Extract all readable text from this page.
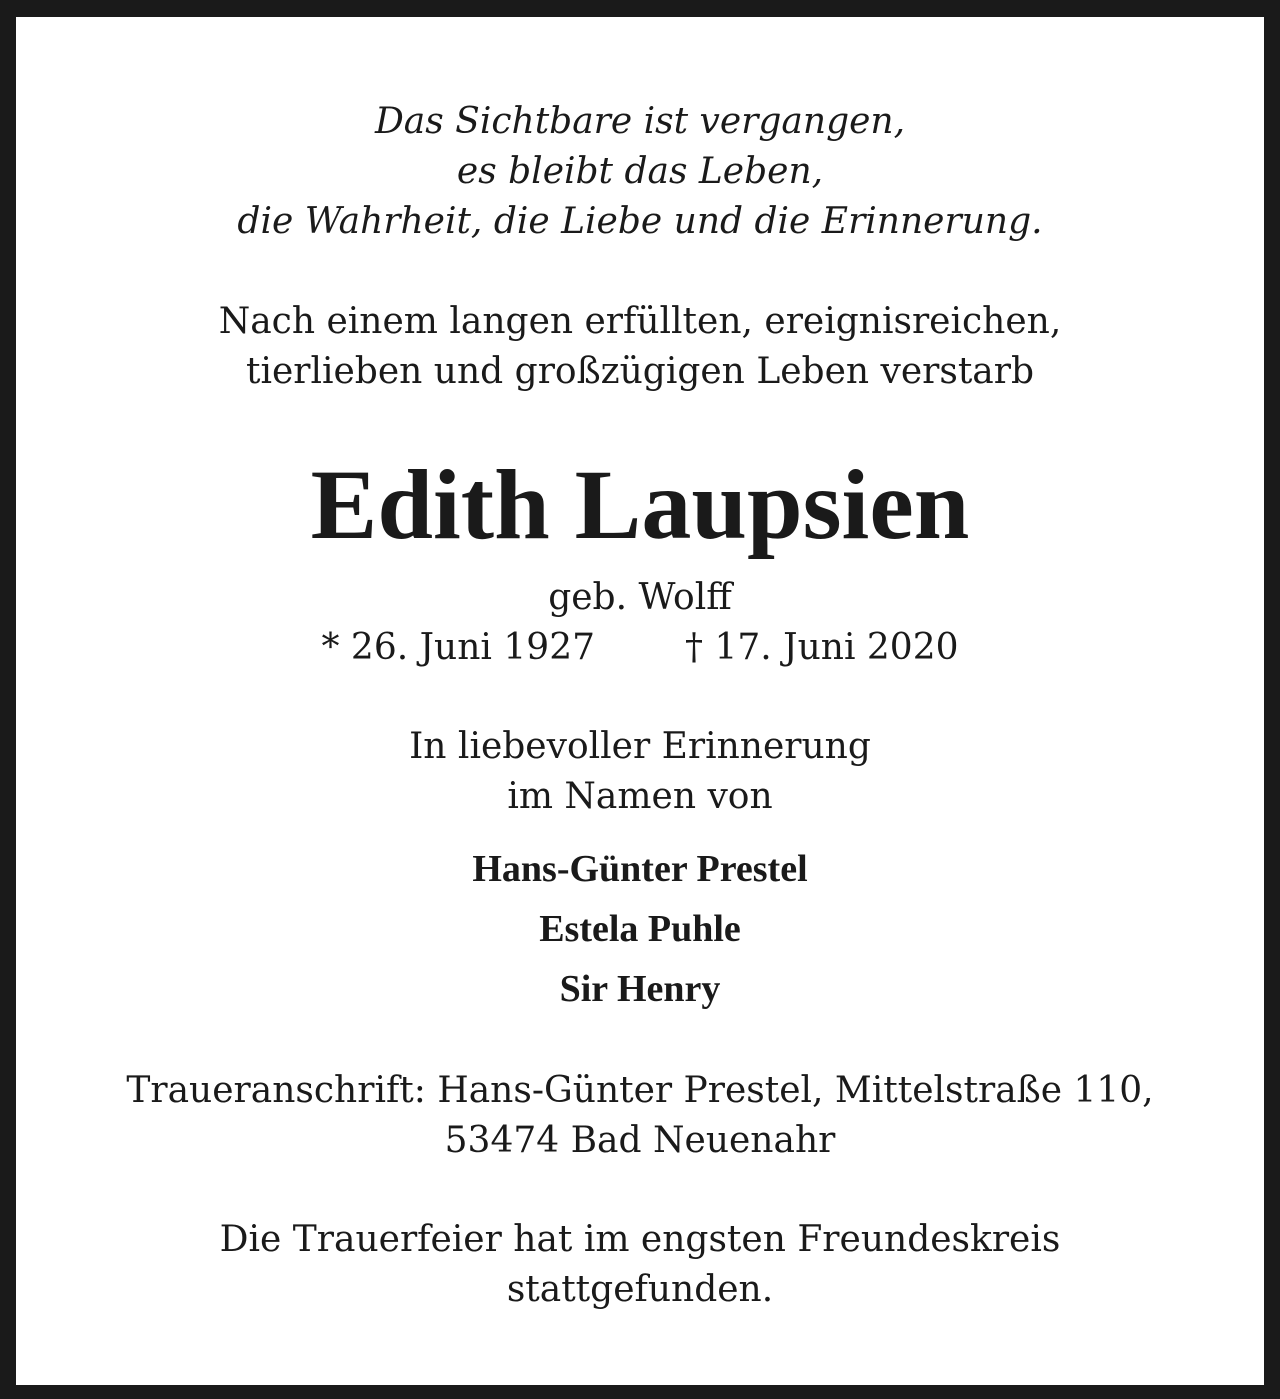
Das Sichtbare ist vergangen,
es bleibt das Leben,
die Wahrheit, die Liebe und die Erinnerung.

Nach einem langen erfüllten, ereignisreichen,
tierlieben und großzügigen Leben verstarb

Edith Laupsien

geb. Wolff

* 26. Juni 1927	† 17. Juni 2020

In liebevoller Erinnerung
im Namen von

Hans-Günter Prestel
Estela Puhle
Sir Henry

Traueranschrift: Hans-Günter Prestel, Mittelstraße 110,
53474 Bad Neuenahr

Die Trauerfeier hat im engsten Freundeskreis
stattgefunden.
